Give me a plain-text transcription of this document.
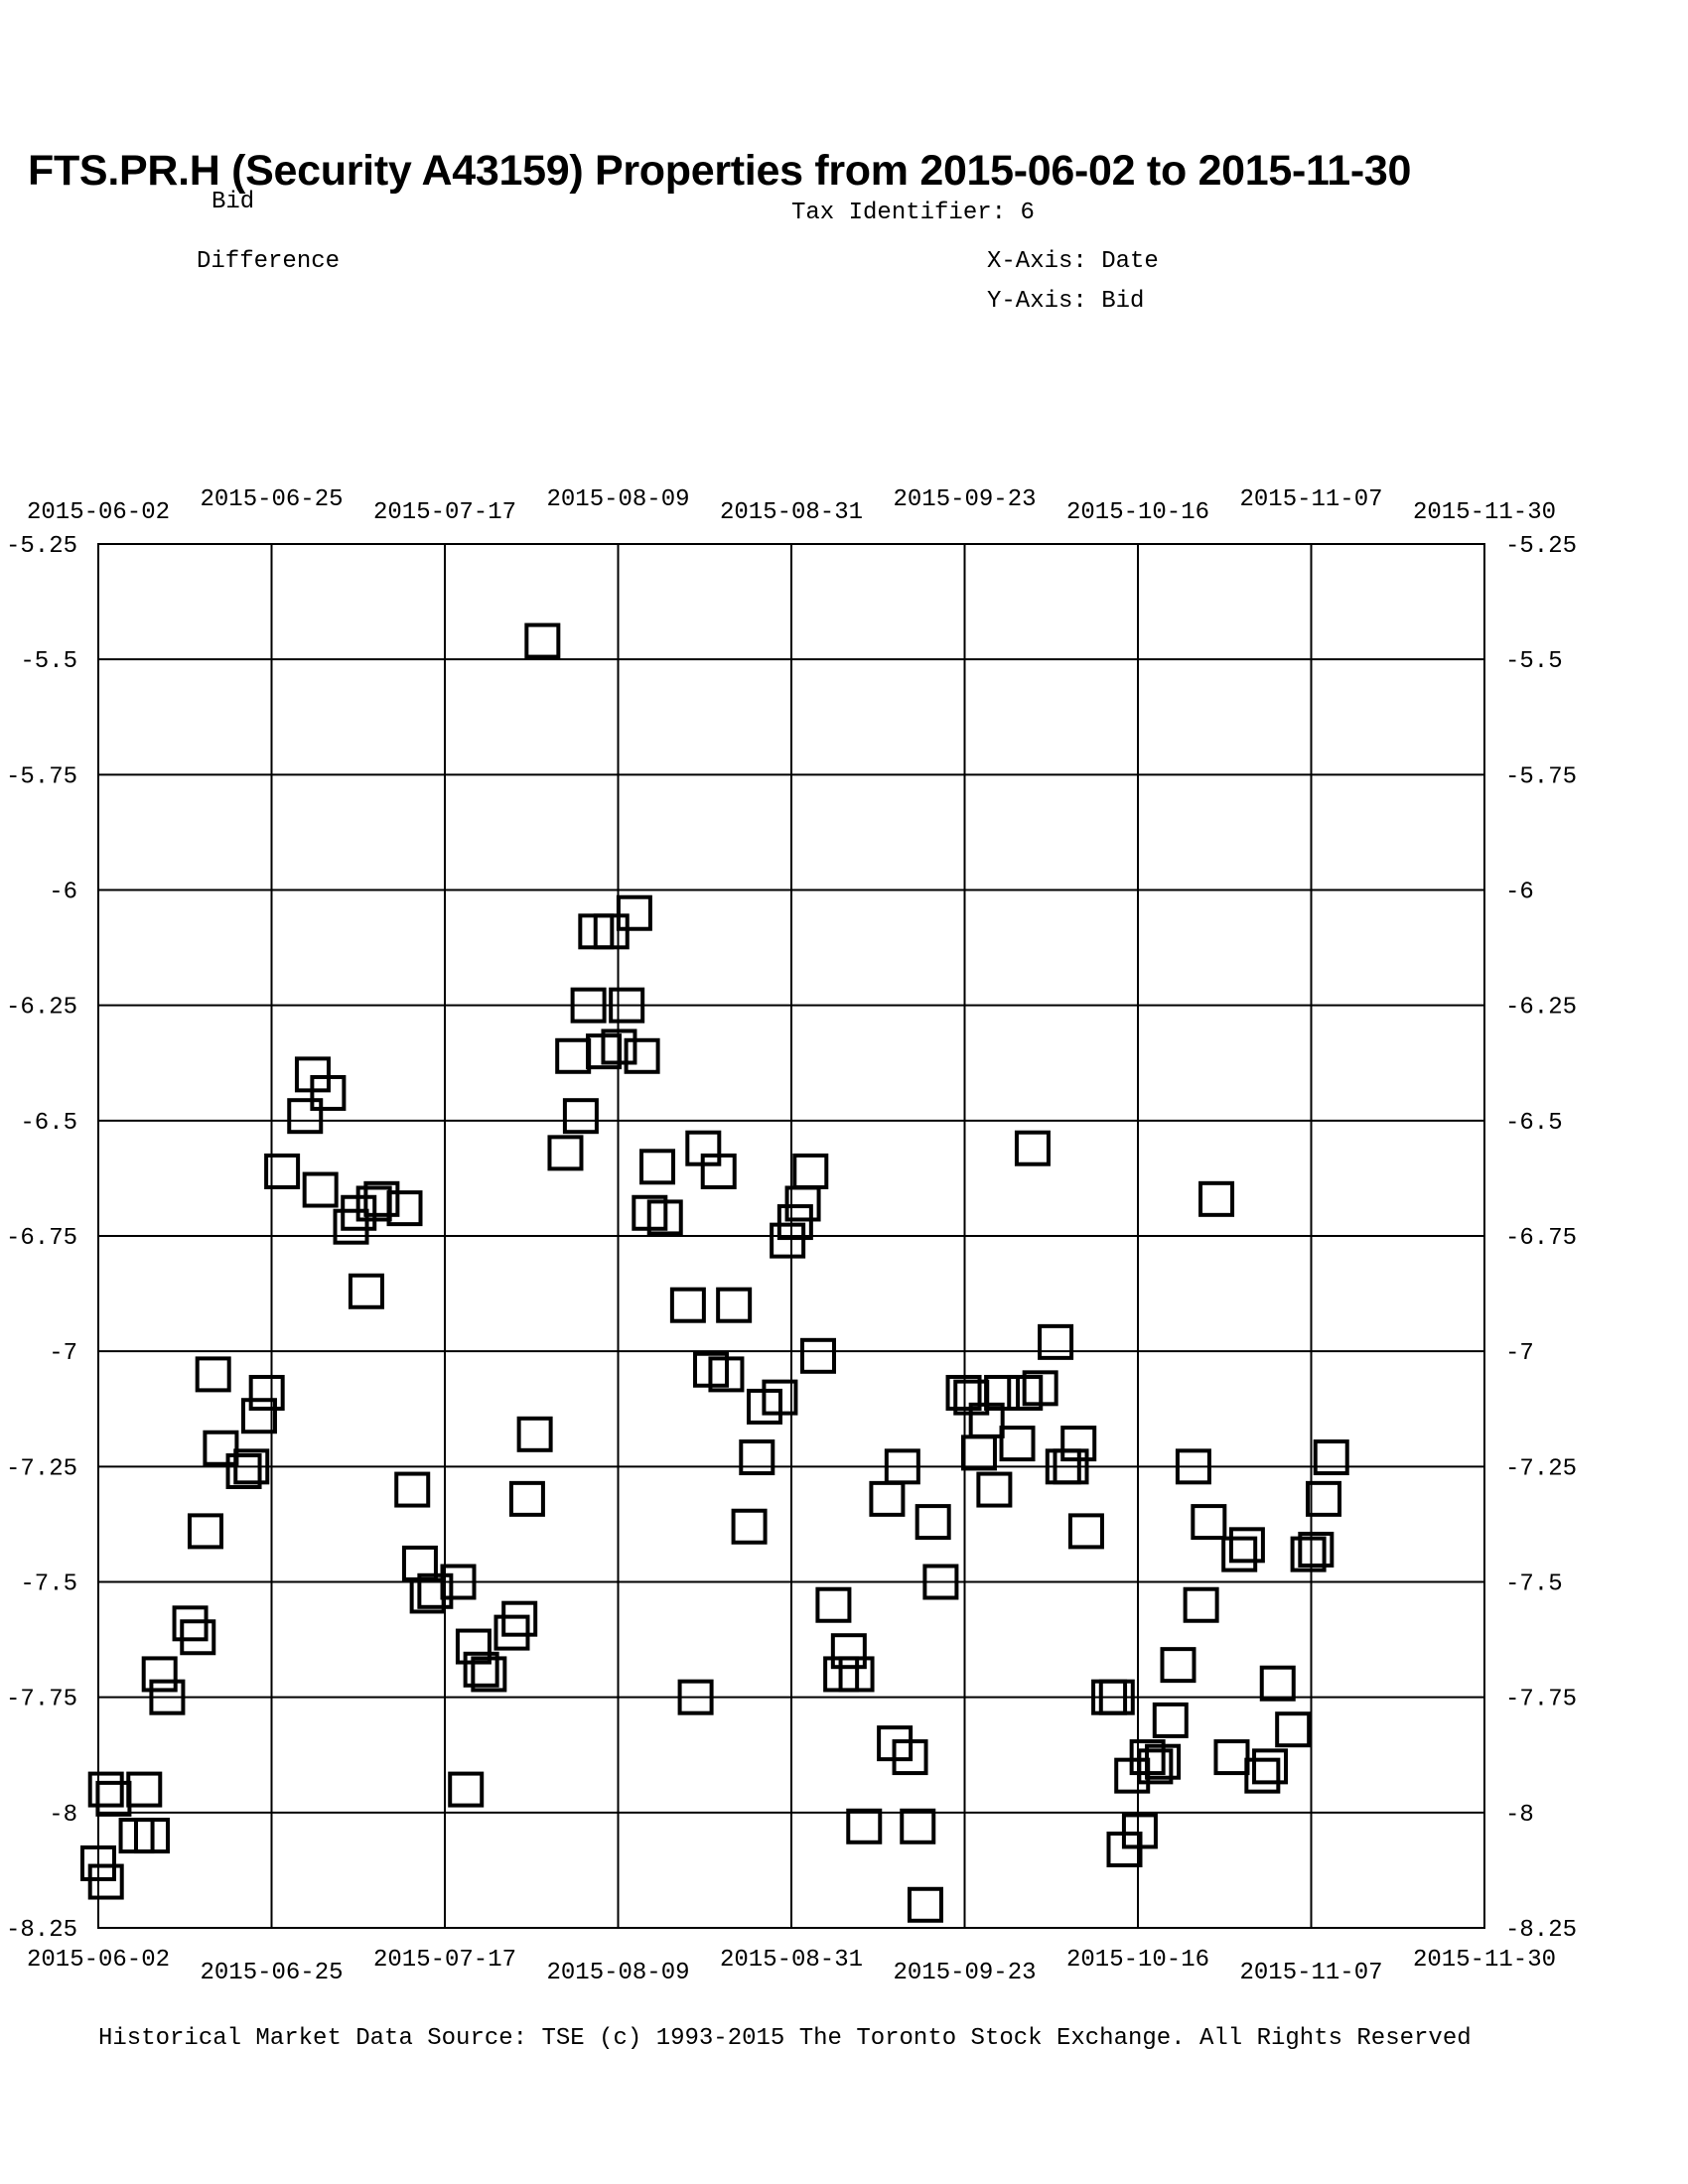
FTS.PR.H (Security A43159) Properties from 2015-06-02 to 2015-11-30
Bid	Tax Identifier: 6
Difference	X-Axis: Date
Y-Axis: Bid
2015-06-02
2015-06-02
2015-06-25
2015-06-25
2015-07-17
2015-07-17
2015-08-09
2015-08-09
2015-08-31
2015-08-31
2015-09-23
2015-09-23
2015-10-16
2015-10-16
2015-11-07
2015-11-07
2015-11-30
2015-11-30
-5.25	-5.25
-5.5	-5.5
-5.75	-5.75
-6	-6
-6.25	-6.25
-6.5	-6.5
-6.75	-6.75
-7	-7
-7.25	-7.25
-7.5	-7.5
-7.75	-7.75
-8	-8
-8.25	-8.25
Historical Market Data Source: TSE (c) 1993-2015 The Toronto Stock Exchange. All Rights Reserved
